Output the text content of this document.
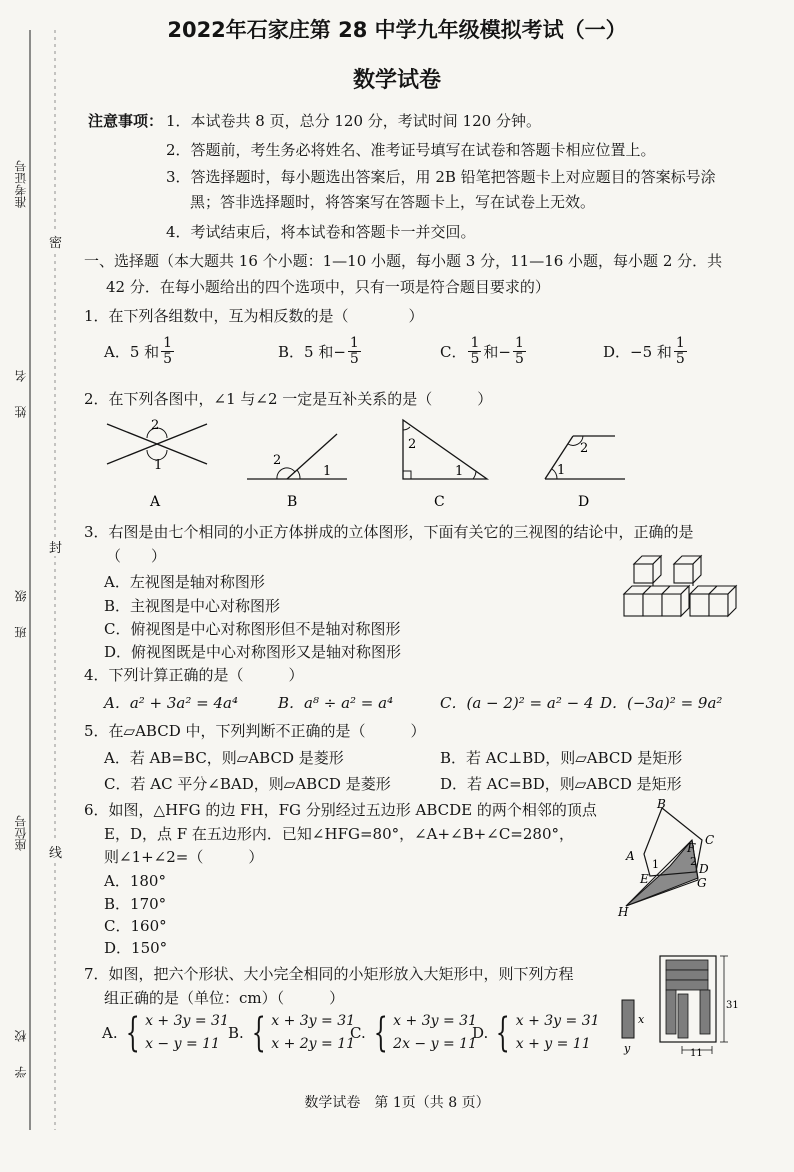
准考证号
姓　　名
班　　级
座位号
学　　校
密
封
线
2022年石家庄第 28 中学九年级模拟考试（一）
数学试卷
注意事项： 1．本试卷共 8 页，总分 120 分，考试时间 120 分钟。
2．答题前，考生务必将姓名、准考证号填写在试卷和答题卡相应位置上。
3．答选择题时，每小题选出答案后，用 2B 铅笔把答题卡上对应题目的答案标号涂
黑；答非选择题时，将答案写在答题卡上，写在试卷上无效。
4．考试结束后，将本试卷和答题卡一并交回。
一、选择题（本大题共 16 个小题：1—10 小题，每小题 3 分，11—16 小题，每小题 2 分．共
42 分．在每小题给出的四个选项中，只有一项是符合题目要求的）
1．在下列各组数中，互为相反数的是（　　　　）
A．5 和 $\frac{1}{5}$	B．5 和− $\frac{1}{5}$	C． $\frac{1}{5}$ 和− $\frac{1}{5}$	D．−5 和 $\frac{1}{5}$
2．在下列各图中，∠1 与∠2 一定是互补关系的是（　　　）
2
1
A
2
1
B
2
1
C
1
2
D
3．右图是由七个相同的小正方体拼成的立体图形，下面有关它的三视图的结论中，正确的是
（　　）
A．左视图是轴对称图形
B．主视图是中心对称图形
C．俯视图是中心对称图形但不是轴对称图形
D．俯视图既是中心对称图形又是轴对称图形
4．下列计算正确的是（　　　）
A．a² + 3a² = 4a⁴	B．a⁸ ÷ a² = a⁴	C．(a − 2)² = a² − 4 D．(−3a)² = 9a²
5．在▱ABCD 中，下列判断不正确的是（　　　）
A．若 AB=BC，则▱ABCD 是菱形	B．若 AC⊥BD，则▱ABCD 是矩形
C．若 AC 平分∠BAD，则▱ABCD 是菱形	D．若 AC=BD，则▱ABCD 是矩形
6．如图，△HFG 的边 FH，FG 分别经过五边形 ABCDE 的两个相邻的顶点
E，D，点 F 在五边形内．已知∠HFG=80°，∠A+∠B+∠C=280°，
则∠1+∠2=（　　　）
A．180°
B．170°
C．160°
D．150°
B
C
A
F
D
G
E
H
1	2
7．如图，把六个形状、大小完全相同的小矩形放入大矩形中，则下列方程
组正确的是（单位：cm）（　　　）
A. { x + 3y = 31
x − y = 11
B. { x + 3y = 31
x + 2y = 11
C. { x + 3y = 31
2x − y = 11
D. { x + 3y = 31
x + y = 11
x
y
31
11
数学试卷　第 1页（共 8 页）
